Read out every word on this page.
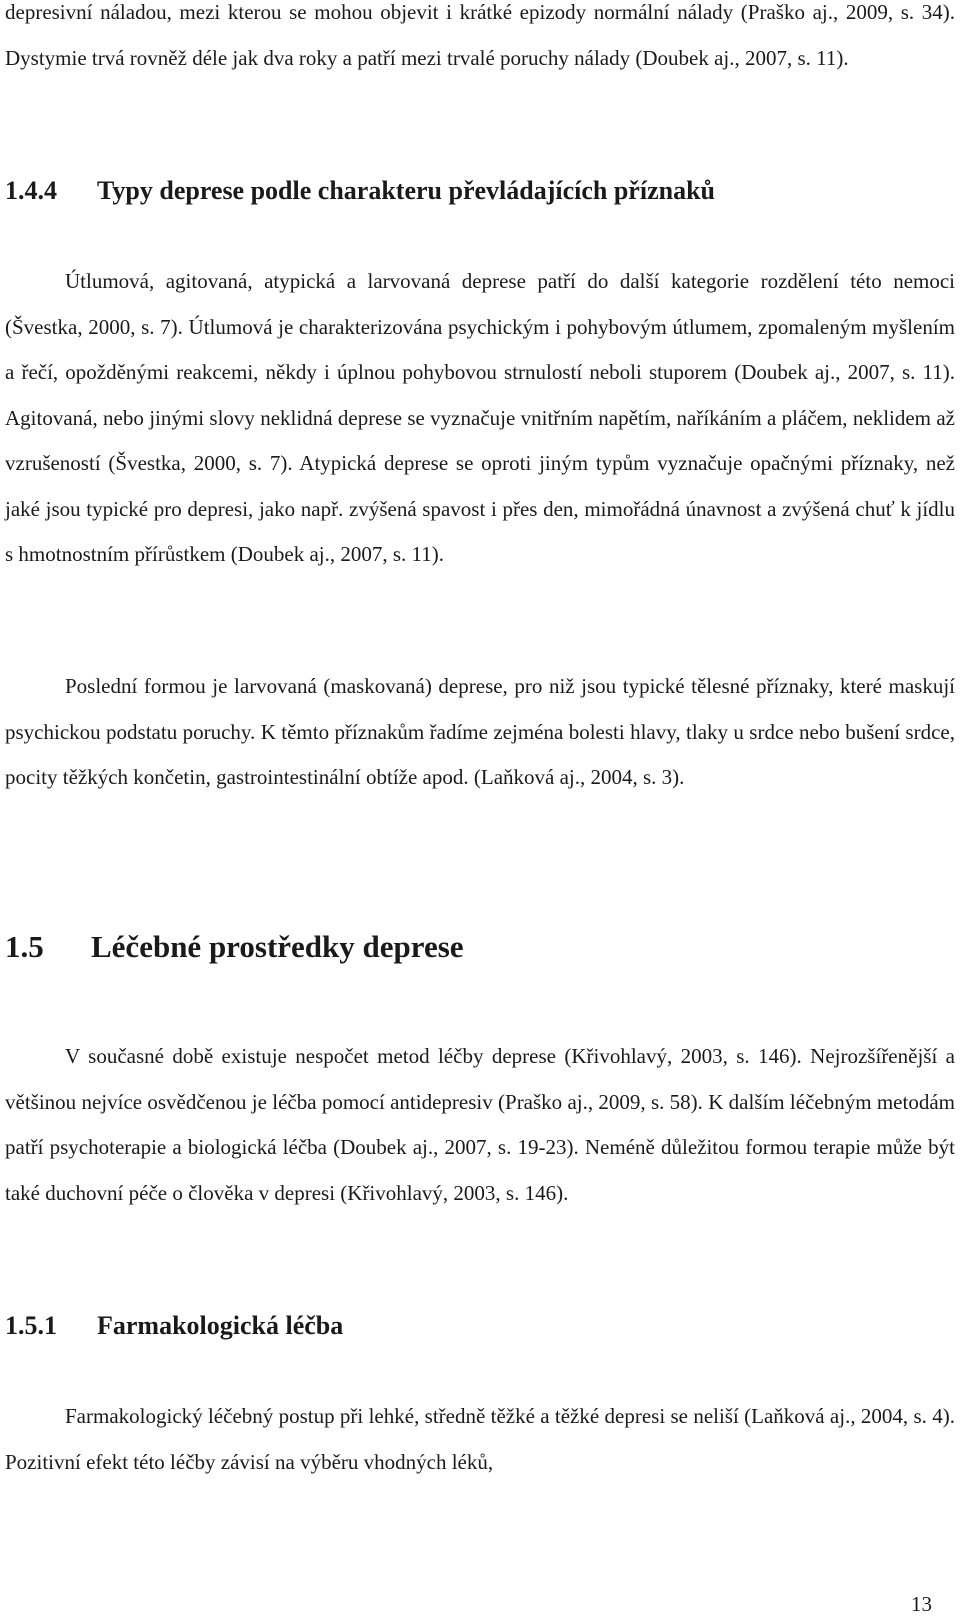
depresivní náladou, mezi kterou se mohou objevit i krátké epizody normální nálady (Praško aj., 2009, s. 34). Dystymie trvá rovněž déle jak dva roky a patří mezi trvalé poruchy nálady (Doubek aj., 2007, s. 11).

1.4.4 Typy deprese podle charakteru převládajících příznaků

Útlumová, agitovaná, atypická a larvovaná deprese patří do další kategorie rozdělení této nemoci (Švestka, 2000, s. 7). Útlumová je charakterizována psychickým i pohybovým útlumem, zpomaleným myšlením a řečí, opožděnými reakcemi, někdy i úplnou pohybovou strnulostí neboli stuporem (Doubek aj., 2007, s. 11). Agitovaná, nebo jinými slovy neklidná deprese se vyznačuje vnitřním napětím, naříkáním a pláčem, neklidem až vzrušeností (Švestka, 2000, s. 7). Atypická deprese se oproti jiným typům vyznačuje opačnými příznaky, než jaké jsou typické pro depresi, jako např. zvýšená spavost i přes den, mimořádná únavnost a zvýšená chuť k jídlu s hmotnostním přírůstkem (Doubek aj., 2007, s. 11).

Poslední formou je larvovaná (maskovaná) deprese, pro niž jsou typické tělesné příznaky, které maskují psychickou podstatu poruchy. K těmto příznakům řadíme zejména bolesti hlavy, tlaky u srdce nebo bušení srdce, pocity těžkých končetin, gastrointestinální obtíže apod. (Laňková aj., 2004, s. 3).

1.5 Léčebné prostředky deprese

V současné době existuje nespočet metod léčby deprese (Křivohlavý, 2003, s. 146). Nejrozšířenější a většinou nejvíce osvědčenou je léčba pomocí antidepresiv (Praško aj., 2009, s. 58). K dalším léčebným metodám patří psychoterapie a biologická léčba (Doubek aj., 2007, s. 19-23). Neméně důležitou formou terapie může být také duchovní péče o člověka v depresi (Křivohlavý, 2003, s. 146).

1.5.1 Farmakologická léčba

Farmakologický léčebný postup při lehké, středně těžké a těžké depresi se neliší (Laňková aj., 2004, s. 4). Pozitivní efekt této léčby závisí na výběru vhodných léků,

13
